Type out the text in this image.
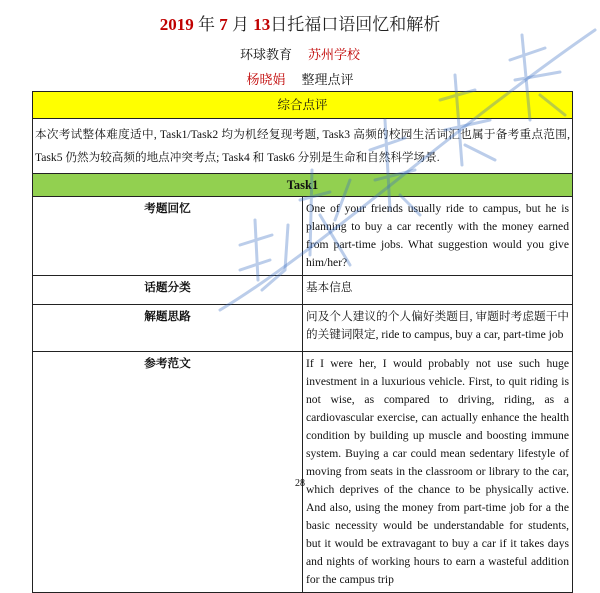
2019 年 7 月 13日托福口语回忆和解析
环球教育 苏州学校
杨晓娟 整理点评
综合点评	
本次考试整体难度适中, Task1/Task2 均为机经复现考题, Task3 高频的校园生活词汇也属于备考重点范围, Task5 仍然为较高频的地点冲突考点; Task4 和 Task6 分别是生命和自然科学场景.	
Task1	
考题回忆	One of your friends usually ride to campus, but he is planning to buy a car recently with the money earned from part-time jobs. What suggestion would you give him/her?
话题分类	基本信息
解题思路	问及个人建议的个人偏好类题目, 审题时考虑题干中的关键词限定, ride to campus, buy a car, part-time job
参考范文	If I were her, I would probably not use such huge investment in a luxurious vehicle. First, to quit riding is not wise, as compared to driving, riding, as a cardiovascular exercise, can actually enhance the health condition by building up muscle and boosting immune system. Buying a car could mean sedentary lifestyle of moving from seats in the classroom or library to the car, which deprives of the chance to be physically active. And also, using the money from part-time job for a the basic necessity would be understandable for students, but it would be extravagant to buy a car if it takes days and nights of working hours to earn a wasteful addition for the campus trip
28
